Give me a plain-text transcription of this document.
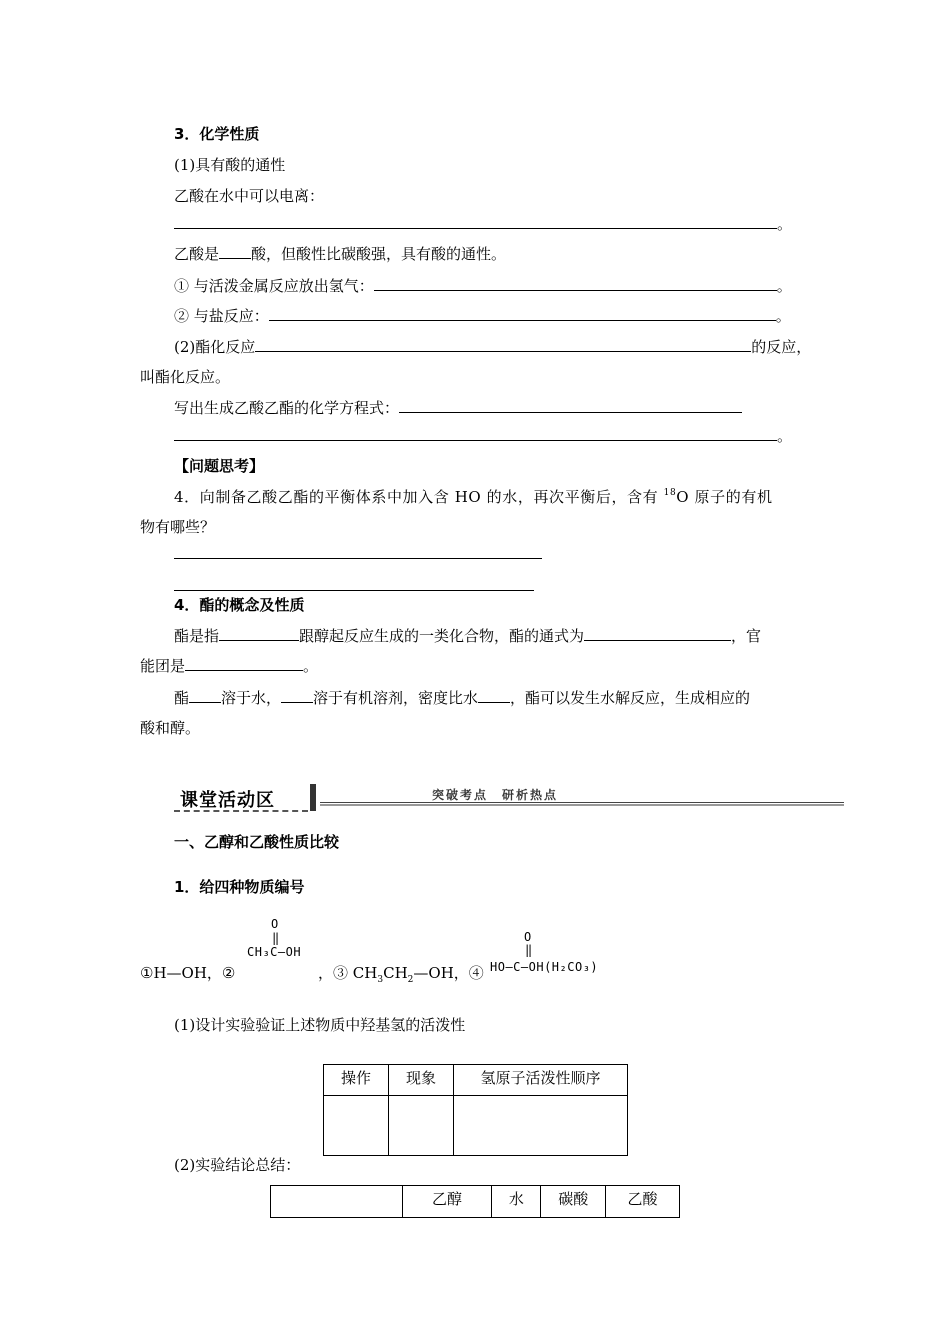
3．化学性质
(1)具有酸的通性
乙酸在水中可以电离：
。
乙酸是 酸，但酸性比碳酸强，具有酸的通性。
① 与活泼金属反应放出氢气：	。
② 与盐反应：	。
(2)酯化反应	的反应，
叫酯化反应。
写出生成乙酸乙酯的化学方程式：
。
【问题思考】
4．向制备乙酸乙酯的平衡体系中加入含 HO 的水，再次平衡后，含有 $^{18}$O 原子的有机
物有哪些？
4．酯的概念及性质
酯是指	跟醇起反应生成的一类化合物，酯的通式为	，官
能团是	。
酯 溶于水， 溶于有机溶剂，密度比水 ，酯可以发生水解反应，生成相应的
酸和醇。
课堂活动区	突破考点　研析热点
一、乙醇和乙酸性质比较
1．给四种物质编号
①H—OH，②
O
‖
CH₃C—OH
，③ $CH_3CH_2—OH$，④
O
‖
HO—C—OH(H₂CO₃)
(1)设计实验验证上述物质中羟基氢的活泼性
操作	现象	氢原子活泼性顺序

(2)实验结论总结：
	乙醇	水	碳酸	乙酸
